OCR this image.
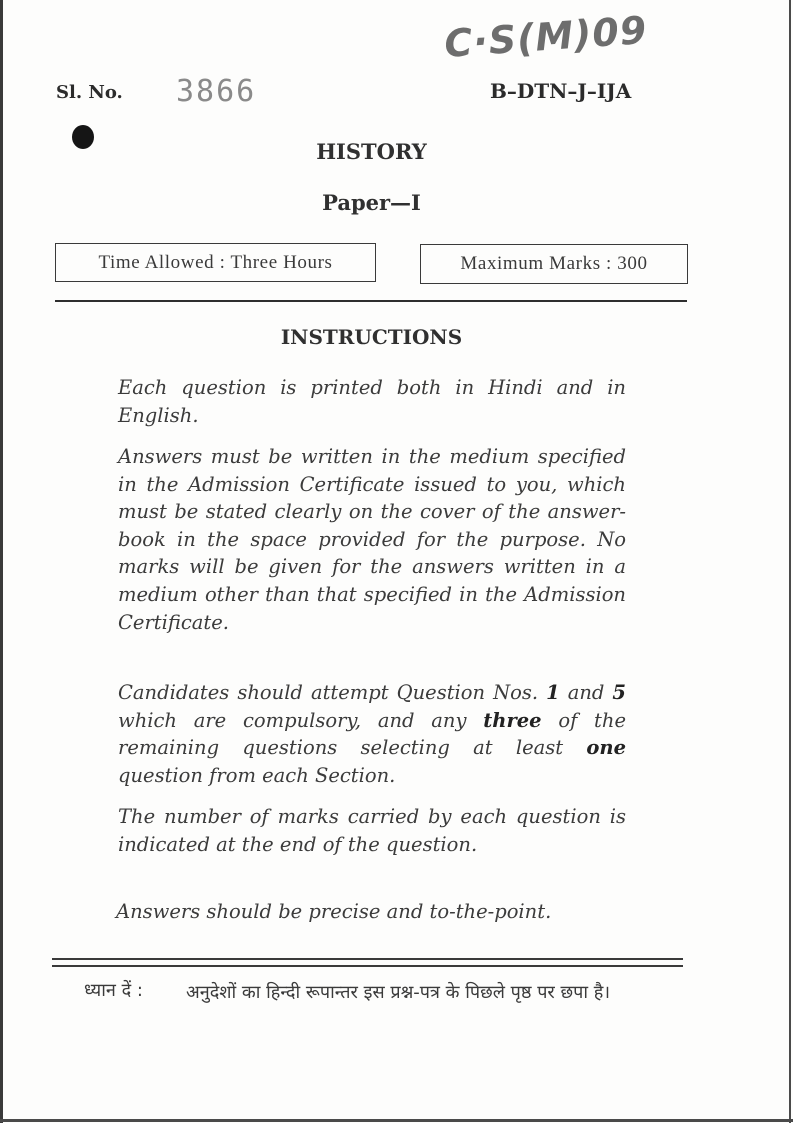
C·S(M)09
Sl. No. 3866	B–DTN–J–IJA
HISTORY
Paper—I
Time Allowed : Three Hours	Maximum Marks : 300
INSTRUCTIONS
Each question is printed both in Hindi and in English.
Answers must be written in the medium specified in the Admission Certificate issued to you, which must be stated clearly on the cover of the answer-book in the space provided for the purpose. No marks will be given for the answers written in a medium other than that specified in the Admission Certificate.
Candidates should attempt Question Nos. 1 and 5 which are compulsory, and any three of the remaining questions selecting at least one question from each Section.
The number of marks carried by each question is indicated at the end of the question.
Answers should be precise and to-the-point.
ध्यान दें : अनुदेशों का हिन्दी रूपान्तर इस प्रश्न-पत्र के पिछले पृष्ठ पर छपा है।
